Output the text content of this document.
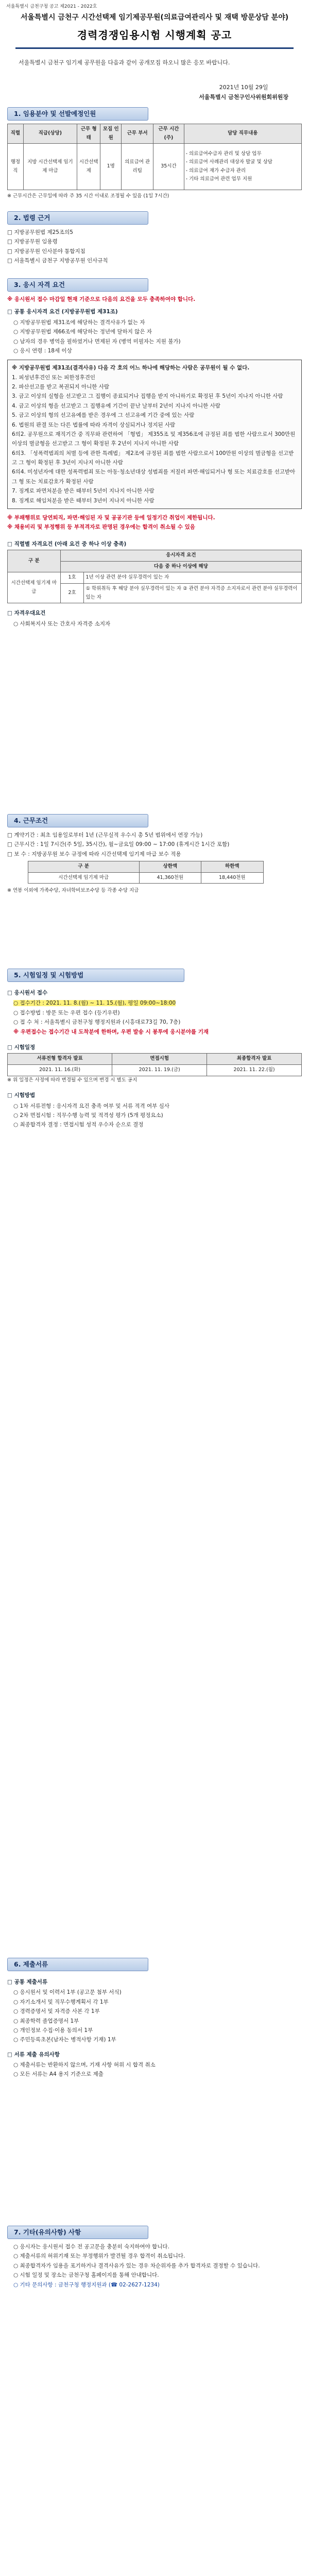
서울특별시 금천구청 공고 제2021 - 2022호
서울특별시 금천구 시간선택제 임기제공무원(의료급여관리사 및 재택 방문상담 분야)
경력경쟁임용시험 시행계획 공고
서울특별시 금천구 임기제 공무원을 다음과 같이 공개모집 하오니 많은 응모 바랍니다.
2021년 10월 29일
서울특별시 금천구인사위원회위원장
1. 임용분야 및 선발예정인원
직렬	직급(상당)	근무 형태	모집 인원	근무 부서	근무 시간 (주)	담당 직무내용
행정직	지방 시간선택제 임기제 마급	시간선택제	1명	의료급여 관리팀	35시간	- 의료급여수급자 관리 및 상담 업무
- 의료급여 사례관리 대상자 발굴 및 상담
- 의료급여 재가 수급자 관리
- 기타 의료급여 관련 업무 지원

※ 근무시간은 근무일에 따라 주 35 시간 이내로 조정될 수 있음 (1일 7시간)

2. 법령 근거

□ 지방공무원법 제25조의5

□ 지방공무원 임용령

□ 지방공무원 인사분야 통합지침

□ 서울특별시 금천구 지방공무원 인사규칙

3. 응시 자격 요건

※ 응시원서 접수 마감일 현재 기준으로 다음의 요건을 모두 충족하여야 합니다.

□ 공통 응시자격 요건 (지방공무원법 제31조)

○ 지방공무원법 제31조에 해당하는 결격사유가 없는 자

○ 지방공무원법 제66조에 해당하는 정년에 달하지 않은 자

○ 남자의 경우 병역을 필하였거나 면제된 자 (병역 미필자는 지원 불가)

○ 응시 연령 : 18세 이상

※ 지방공무원법 제31조(결격사유) 다음 각 호의 어느 하나에 해당하는 사람은 공무원이 될 수 없다.

1. 피성년후견인 또는 피한정후견인

2. 파산선고를 받고 복권되지 아니한 사람

3. 금고 이상의 실형을 선고받고 그 집행이 종료되거나 집행을 받지 아니하기로 확정된 후 5년이 지나지 아니한 사람

4. 금고 이상의 형을 선고받고 그 집행유예 기간이 끝난 날부터 2년이 지나지 아니한 사람

5. 금고 이상의 형의 선고유예를 받은 경우에 그 선고유예 기간 중에 있는 사람

6. 법원의 판결 또는 다른 법률에 따라 자격이 상실되거나 정지된 사람

6의2. 공무원으로 재직기간 중 직무와 관련하여 「형법」 제355조 및 제356조에 규정된 죄를 범한 사람으로서 300만원 이상의 벌금형을 선고받고 그 형이 확정된 후 2년이 지나지 아니한 사람

6의3. 「성폭력범죄의 처벌 등에 관한 특례법」 제2조에 규정된 죄를 범한 사람으로서 100만원 이상의 벌금형을 선고받고 그 형이 확정된 후 3년이 지나지 아니한 사람

6의4. 미성년자에 대한 성폭력범죄 또는 아동·청소년대상 성범죄를 저질러 파면·해임되거나 형 또는 치료감호를 선고받아 그 형 또는 치료감호가 확정된 사람

7. 징계로 파면처분을 받은 때부터 5년이 지나지 아니한 사람

8. 징계로 해임처분을 받은 때부터 3년이 지나지 아니한 사람

※ 부패행위로 당연퇴직, 파면·해임된 자 및 공공기관 등에 일정기간 취업이 제한됩니다.

※ 채용비리 및 부정행위 등 부적격자로 판명된 경우에는 합격이 취소될 수 있음

□ 직렬별 자격요건 (아래 요건 중 하나 이상 충족)

구 분	응시자격 요건	
	다음 중 하나 이상에 해당	
시간선택제 임기제 마급	1호	1년 이상 관련 분야 실무경력이 있는 자
	2호	① 학위취득 후 해당 분야 실무경력이 있는 자 ② 관련 분야 자격증 소지자로서 관련 분야 실무경력이 있는 자

□ 자격우대요건

○ 사회복지사 또는 간호사 자격증 소지자

4. 근무조건

□ 계약기간 : 최초 임용일로부터 1년 (근무실적 우수시 총 5년 범위에서 연장 가능)

□ 근무시간 : 1일 7시간(주 5일, 35시간), 월~금요일 09:00 ~ 17:00 (휴게시간 1시간 포함)

□ 보 수 : 지방공무원 보수 규정에 따라 시간선택제 임기제 마급 보수 적용

구 분	상한액	하한액
시간선택제 임기제 마급	41,360천원	18,440천원

※ 연봉 이외에 가족수당, 자녀학비보조수당 등 각종 수당 지급

5. 시험일정 및 시험방법

□ 응시원서 접수

○ 접수기간 : 2021. 11. 8.(월) ~ 11. 15.(월), 평일 09:00~18:00

○ 접수방법 : 방문 또는 우편 접수 (등기우편)

○ 접 수 처 : 서울특별시 금천구청 행정지원과 (시흥대로73길 70, 7층)

※ 우편접수는 접수기간 내 도착분에 한하며, 우편 발송 시 봉투에 응시분야를 기재

□ 시험일정

서류전형 합격자 발표	면접시험	최종합격자 발표
2021. 11. 16.(화)	2021. 11. 19.(금)	2021. 11. 22.(월)

※ 위 일정은 사정에 따라 변경될 수 있으며 변경 시 별도 공지

□ 시험방법

○ 1차 서류전형 : 응시자격 요건 충족 여부 및 서류 적격 여부 심사

○ 2차 면접시험 : 직무수행 능력 및 적격성 평가 (5개 평정요소)

○ 최종합격자 결정 : 면접시험 성적 우수자 순으로 결정

6. 제출서류

□ 공통 제출서류

○ 응시원서 및 이력서 1부 (공고문 첨부 서식)

○ 자기소개서 및 직무수행계획서 각 1부

○ 경력증명서 및 자격증 사본 각 1부

○ 최종학력 졸업증명서 1부

○ 개인정보 수집·이용 동의서 1부

○ 주민등록초본(남자는 병적사항 기재) 1부

□ 서류 제출 유의사항

○ 제출서류는 반환하지 않으며, 기재 사항 허위 시 합격 취소

○ 모든 서류는 A4 용지 기준으로 제출

7. 기타(유의사항) 사항

○ 응시자는 응시원서 접수 전 공고문을 충분히 숙지하여야 합니다.

○ 제출서류의 허위기재 또는 부정행위가 발견될 경우 합격이 취소됩니다.

○ 최종합격자가 임용을 포기하거나 결격사유가 있는 경우 차순위자를 추가 합격자로 결정할 수 있습니다.

○ 시험 일정 및 장소는 금천구청 홈페이지를 통해 안내합니다.

○ 기타 문의사항 : 금천구청 행정지원과 (☎ 02-2627-1234)
